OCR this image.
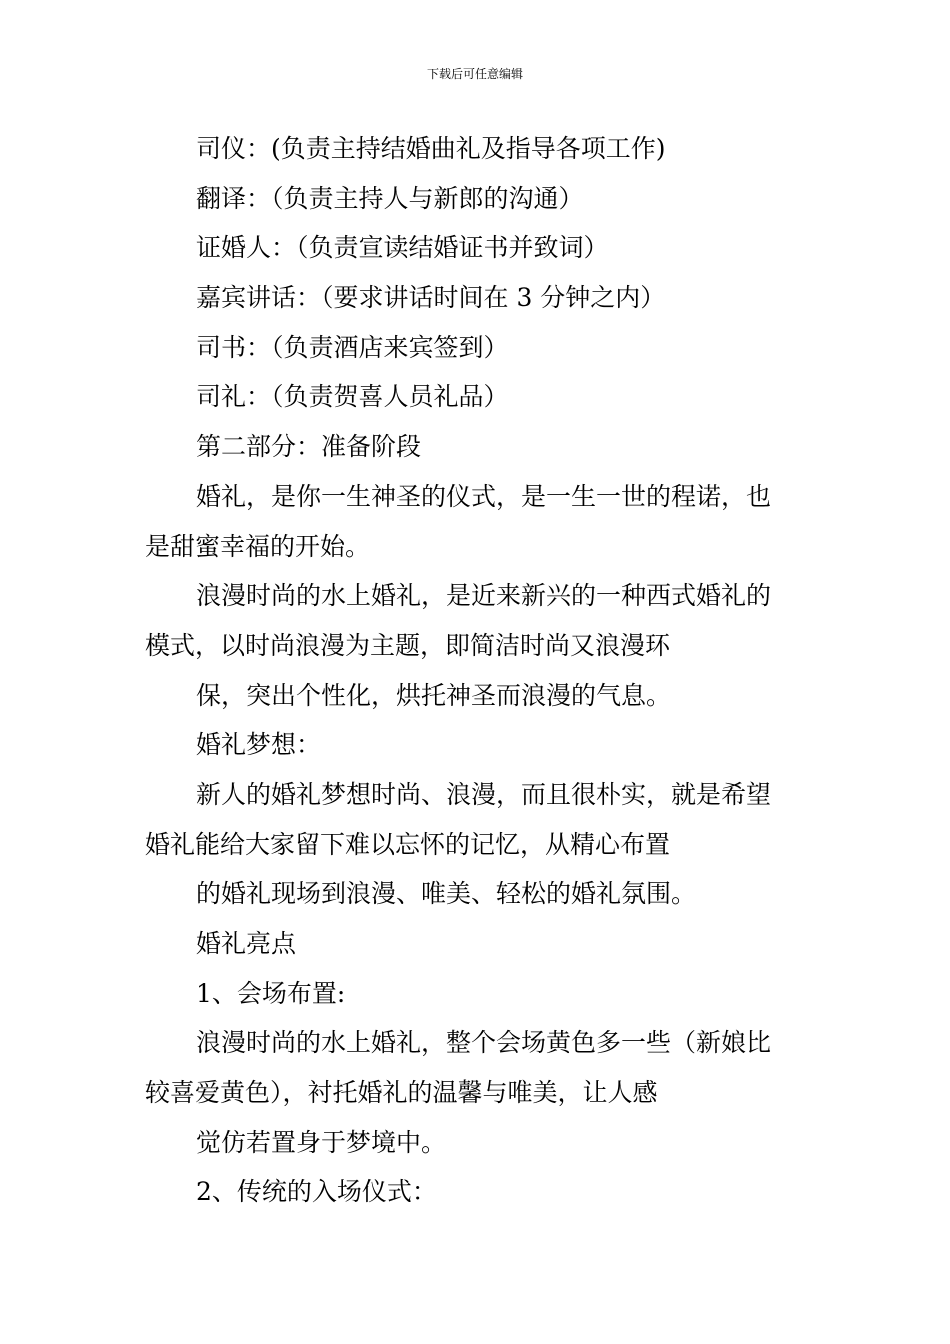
下载后可任意编辑

司仪：(负责主持结婚曲礼及指导各项工作)

翻译：（负责主持人与新郎的沟通）

证婚人：（负责宣读结婚证书并致词）

嘉宾讲话：（要求讲话时间在 3 分钟之内）

司书：（负责酒店来宾签到）

司礼：（负责贺喜人员礼品）

第二部分：准备阶段

婚礼，是你一生神圣的仪式，是一生一世的程诺，也

是甜蜜幸福的开始。

浪漫时尚的水上婚礼，是近来新兴的一种西式婚礼的

模式，以时尚浪漫为主题，即简洁时尚又浪漫环

保，突出个性化，烘托神圣而浪漫的气息。

婚礼梦想：

新人的婚礼梦想时尚、浪漫，而且很朴实，就是希望

婚礼能给大家留下难以忘怀的记忆，从精心布置

的婚礼现场到浪漫、唯美、轻松的婚礼氛围。

婚礼亮点

1、会场布置:

浪漫时尚的水上婚礼，整个会场黄色多一些（新娘比

较喜爱黄色），衬托婚礼的温馨与唯美，让人感

觉仿若置身于梦境中。

2、传统的入场仪式：
